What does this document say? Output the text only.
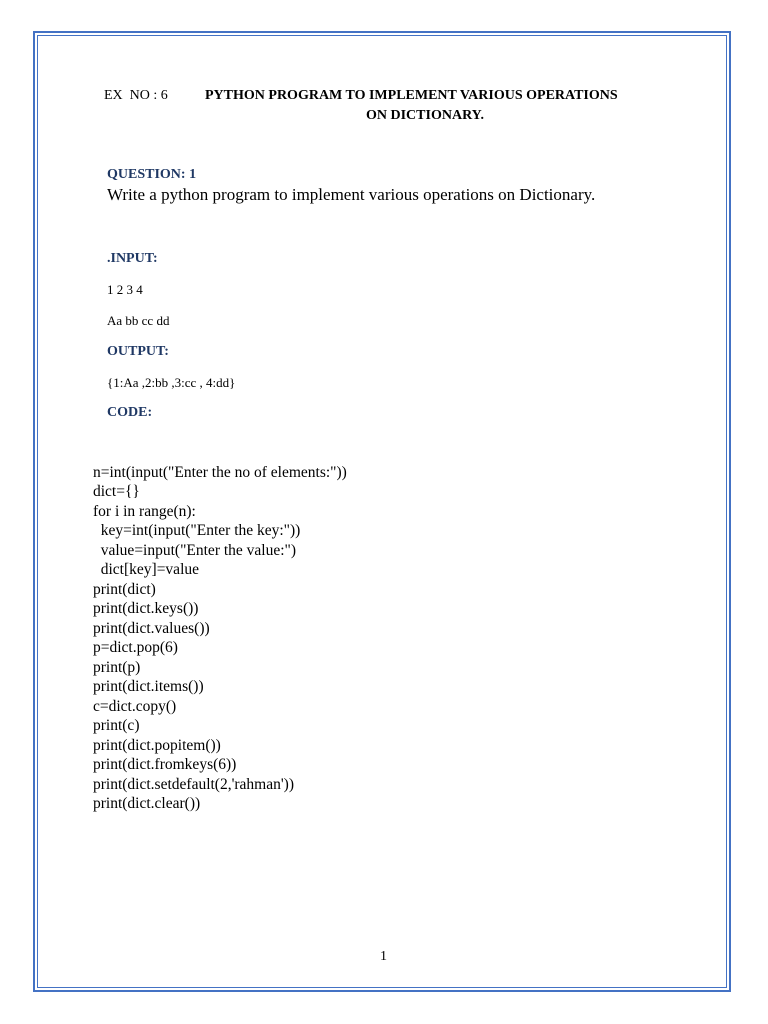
EX  NO : 6	PYTHON PROGRAM TO IMPLEMENT VARIOUS OPERATIONS
ON DICTIONARY.
QUESTION: 1
Write a python program to implement various operations on Dictionary.
.INPUT:
1 2 3 4
Aa bb cc dd
OUTPUT:
{1:Aa ,2:bb ,3:cc , 4:dd}
CODE:

n=int(input("Enter the no of elements:"))
dict={}
for i in range(n):
key=int(input("Enter the key:"))
value=input("Enter the value:")
dict[key]=value
print(dict)
print(dict.keys())
print(dict.values())
p=dict.pop(6)
print(p)
print(dict.items())
c=dict.copy()
print(c)
print(dict.popitem())
print(dict.fromkeys(6))
print(dict.setdefault(2,'rahman'))
print(dict.clear())

1
